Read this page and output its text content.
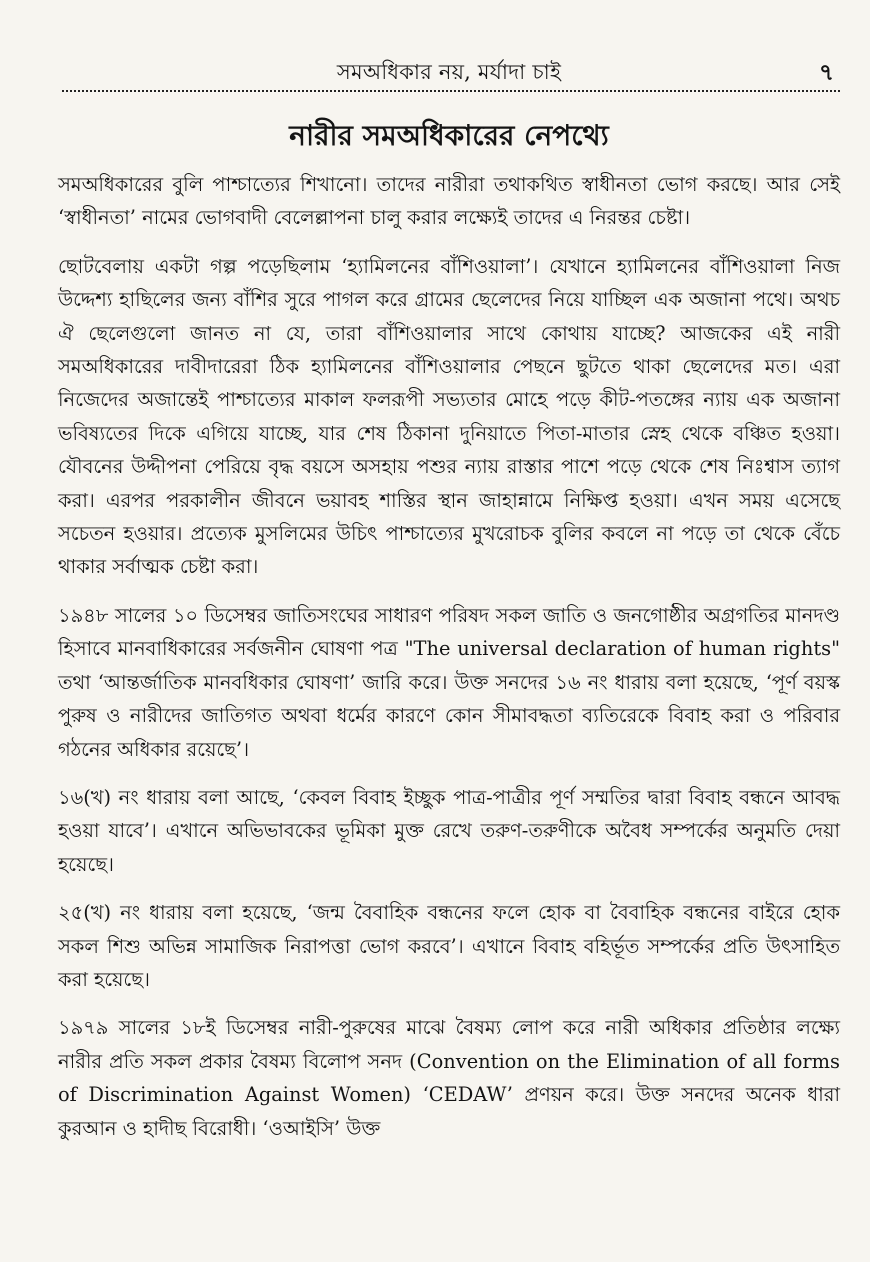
সমঅধিকার নয়, মর্যাদা চাই	৭
নারীর সমঅধিকারের নেপথ্যে

সমঅধিকারের বুলি পাশ্চাত্যের শিখানো। তাদের নারীরা তথাকথিত স্বাধীনতা ভোগ করছে। আর সেই ‘স্বাধীনতা’ নামের ভোগবাদী বেলেল্লাপনা চালু করার লক্ষ্যেই তাদের এ নিরন্তর চেষ্টা।

ছোটবেলায় একটা গল্প পড়েছিলাম ‘হ্যামিলনের বাঁশিওয়ালা’। যেখানে হ্যামিলনের বাঁশিওয়ালা নিজ উদ্দেশ্য হাছিলের জন্য বাঁশির সুরে পাগল করে গ্রামের ছেলেদের নিয়ে যাচ্ছিল এক অজানা পথে। অথচ ঐ ছেলেগুলো জানত না যে, তারা বাঁশিওয়ালার সাথে কোথায় যাচ্ছে? আজকের এই নারী সমঅধিকারের দাবীদারেরা ঠিক হ্যামিলনের বাঁশিওয়ালার পেছনে ছুটতে থাকা ছেলেদের মত। এরা নিজেদের অজান্তেই পাশ্চাত্যের মাকাল ফলরূপী সভ্যতার মোহে পড়ে কীট-পতঙ্গের ন্যায় এক অজানা ভবিষ্যতের দিকে এগিয়ে যাচ্ছে, যার শেষ ঠিকানা দুনিয়াতে পিতা-মাতার স্নেহ থেকে বঞ্চিত হওয়া। যৌবনের উদ্দীপনা পেরিয়ে বৃদ্ধ বয়সে অসহায় পশুর ন্যায় রাস্তার পাশে পড়ে থেকে শেষ নিঃশ্বাস ত্যাগ করা। এরপর পরকালীন জীবনে ভয়াবহ শাস্তির স্থান জাহান্নামে নিক্ষিপ্ত হওয়া। এখন সময় এসেছে সচেতন হওয়ার। প্রত্যেক মুসলিমের উচিৎ পাশ্চাত্যের মুখরোচক বুলির কবলে না পড়ে তা থেকে বেঁচে থাকার সর্বাত্মক চেষ্টা করা।

১৯৪৮ সালের ১০ ডিসেম্বর জাতিসংঘের সাধারণ পরিষদ সকল জাতি ও জনগোষ্ঠীর অগ্রগতির মানদণ্ড হিসাবে মানবাধিকারের সর্বজনীন ঘোষণা পত্র "The universal declaration of human rights" তথা ‘আন্তর্জাতিক মানবধিকার ঘোষণা’ জারি করে। উক্ত সনদের ১৬ নং ধারায় বলা হয়েছে, ‘পূর্ণ বয়স্ক পুরুষ ও নারীদের জাতিগত অথবা ধর্মের কারণে কোন সীমাবদ্ধতা ব্যতিরেকে বিবাহ করা ও পরিবার গঠনের অধিকার রয়েছে’।

১৬(খ) নং ধারায় বলা আছে, ‘কেবল বিবাহ ইচ্ছুক পাত্র-পাত্রীর পূর্ণ সম্মতির দ্বারা বিবাহ বন্ধনে আবদ্ধ হওয়া যাবে’। এখানে অভিভাবকের ভূমিকা মুক্ত রেখে তরুণ-তরুণীকে অবৈধ সম্পর্কের অনুমতি দেয়া হয়েছে।

২৫(খ) নং ধারায় বলা হয়েছে, ‘জন্ম বৈবাহিক বন্ধনের ফলে হোক বা বৈবাহিক বন্ধনের বাইরে হোক সকল শিশু অভিন্ন সামাজিক নিরাপত্তা ভোগ করবে’। এখানে বিবাহ বহির্ভূত সম্পর্কের প্রতি উৎসাহিত করা হয়েছে।

১৯৭৯ সালের ১৮ই ডিসেম্বর নারী-পুরুষের মাঝে বৈষম্য লোপ করে নারী অধিকার প্রতিষ্ঠার লক্ষ্যে নারীর প্রতি সকল প্রকার বৈষম্য বিলোপ সনদ (Convention on the Elimination of all forms of Discrimination Against Women) ‘CEDAW’ প্রণয়ন করে। উক্ত সনদের অনেক ধারা কুরআন ও হাদীছ বিরোধী। ‘ওআইসি’ উক্ত
